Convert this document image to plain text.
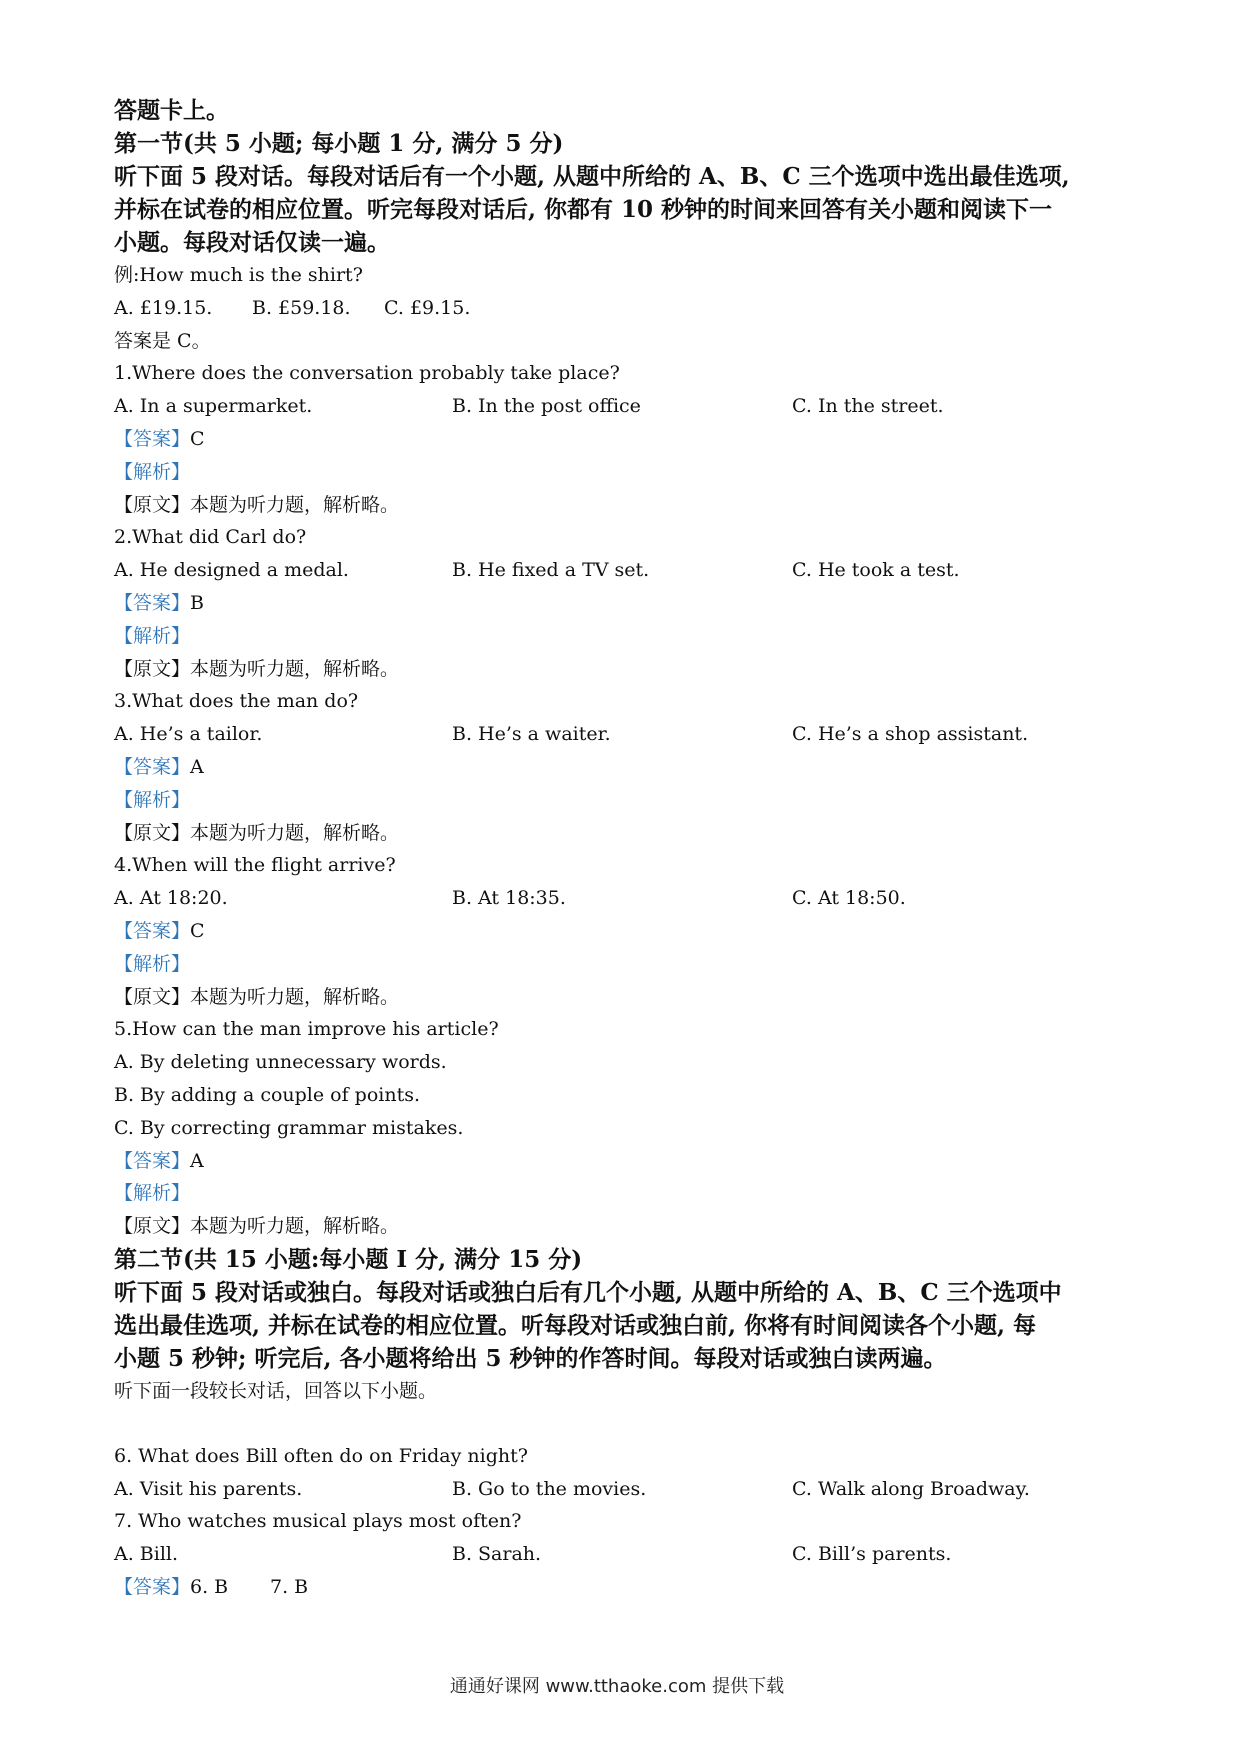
答题卡上。
第一节(共 5 小题; 每小题 1 分, 满分 5 分)
听下面 5 段对话。每段对话后有一个小题, 从题中所给的 A、B、C 三个选项中选出最佳选项,
并标在试卷的相应位置。听完每段对话后, 你都有 10 秒钟的时间来回答有关小题和阅读下一
小题。每段对话仅读一遍。
例:How much is the shirt?
A. £19.15. B. £59.18. C. £9.15.
答案是 C。
1.Where does the conversation probably take place?
A. In a supermarket.	B. In the post office	C. In the street.
【答案】C
【解析】
【原文】本题为听力题，解析略。
2.What did Carl do?
A. He designed a medal.	B. He fixed a TV set.	C. He took a test.
【答案】B
【解析】
【原文】本题为听力题，解析略。
3.What does the man do?
A. He’s a tailor.	B. He’s a waiter.	C. He’s a shop assistant.
【答案】A
【解析】
【原文】本题为听力题，解析略。
4.When will the flight arrive?
A. At 18:20.	B. At 18:35.	C. At 18:50.
【答案】C
【解析】
【原文】本题为听力题，解析略。
5.How can the man improve his article?
A. By deleting unnecessary words.
B. By adding a couple of points.
C. By correcting grammar mistakes.
【答案】A
【解析】
【原文】本题为听力题，解析略。
第二节(共 15 小题:每小题 I 分, 满分 15 分)
听下面 5 段对话或独白。每段对话或独白后有几个小题, 从题中所给的 A、B、C 三个选项中
选出最佳选项, 并标在试卷的相应位置。听每段对话或独白前, 你将有时间阅读各个小题, 每
小题 5 秒钟; 听完后, 各小题将给出 5 秒钟的作答时间。每段对话或独白读两遍。
听下面一段较长对话，回答以下小题。
6. What does Bill often do on Friday night?
A. Visit his parents.	B. Go to the movies.	C. Walk along Broadway.
7. Who watches musical plays most often?
A. Bill.	B. Sarah.	C. Bill’s parents.
【答案】6. B 7. B
通通好课网 www.tthaoke.com 提供下载
